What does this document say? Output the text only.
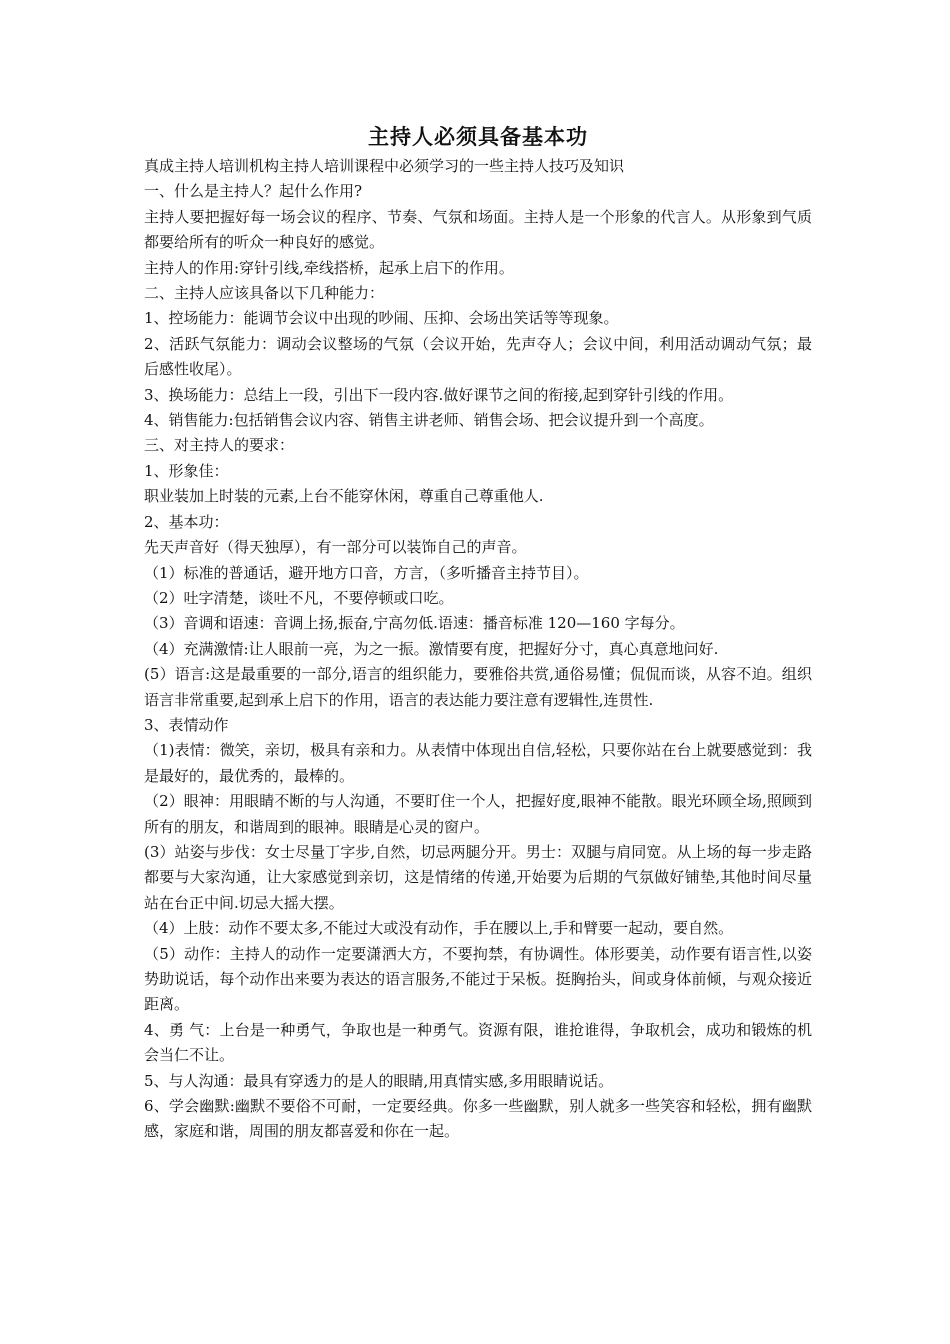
主持人必须具备基本功

真成主持人培训机构主持人培训课程中必须学习的一些主持人技巧及知识

一、什么是主持人？起什么作用?

主持人要把握好每一场会议的程序、节奏、气氛和场面。主持人是一个形象的代言人。从形象到气质都要给所有的听众一种良好的感觉。

主持人的作用:穿针引线,牵线搭桥，起承上启下的作用。

二、主持人应该具备以下几种能力：

1、控场能力：能调节会议中出现的吵闹、压抑、会场出笑话等等现象。

2、活跃气氛能力：调动会议整场的气氛（会议开始，先声夺人；会议中间，利用活动调动气氛；最后感性收尾）。

3、换场能力：总结上一段，引出下一段内容.做好课节之间的衔接,起到穿针引线的作用。

4、销售能力:包括销售会议内容、销售主讲老师、销售会场、把会议提升到一个高度。

三、对主持人的要求：

1、形象佳：

职业装加上时装的元素,上台不能穿休闲，尊重自己尊重他人.

2、基本功：

先天声音好（得天独厚），有一部分可以装饰自己的声音。

（1）标准的普通话，避开地方口音，方言，（多听播音主持节目）。

（2）吐字清楚，谈吐不凡，不要停顿或口吃。

（3）音调和语速：音调上扬,振奋,宁高勿低.语速：播音标准 120—160 字每分。

（4）充满激情:让人眼前一亮，为之一振。激情要有度，把握好分寸，真心真意地问好.

(5）语言:这是最重要的一部分,语言的组织能力，要雅俗共赏,通俗易懂；侃侃而谈，从容不迫。组织语言非常重要,起到承上启下的作用，语言的表达能力要注意有逻辑性,连贯性.

3、表情动作

（1)表情：微笑，亲切，极具有亲和力。从表情中体现出自信,轻松，只要你站在台上就要感觉到：我是最好的，最优秀的，最棒的。

（2）眼神：用眼睛不断的与人沟通，不要盯住一个人，把握好度,眼神不能散。眼光环顾全场,照顾到所有的朋友，和谐周到的眼神。眼睛是心灵的窗户。

(3）站姿与步伐：女士尽量丁字步,自然，切忌两腿分开。男士：双腿与肩同宽。从上场的每一步走路都要与大家沟通，让大家感觉到亲切，这是情绪的传递,开始要为后期的气氛做好铺垫,其他时间尽量站在台正中间.切忌大摇大摆。

（4）上肢：动作不要太多,不能过大或没有动作，手在腰以上,手和臂要一起动，要自然。

（5）动作：主持人的动作一定要潇洒大方，不要拘禁，有协调性。体形要美，动作要有语言性,以姿势助说话，每个动作出来要为表达的语言服务,不能过于呆板。挺胸抬头，间或身体前倾，与观众接近距离。

4、勇 气：上台是一种勇气，争取也是一种勇气。资源有限，谁抢谁得，争取机会，成功和锻炼的机会当仁不让。

5、与人沟通：最具有穿透力的是人的眼睛,用真情实感,多用眼睛说话。

6、学会幽默:幽默不要俗不可耐，一定要经典。你多一些幽默，别人就多一些笑容和轻松，拥有幽默感，家庭和谐，周围的朋友都喜爱和你在一起。
